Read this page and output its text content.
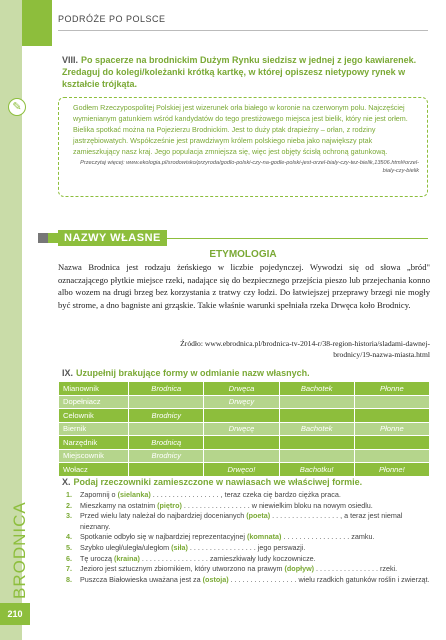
PODRÓŻE PO POLSCE
VIII. Po spacerze na brodnickim Dużym Rynku siedzisz w jednej z jego kawiarenek. Zredaguj do kolegi/koleżanki krótką kartkę, w której opiszesz nietypowy rynek w kształcie trójkąta.
✎	Godłem Rzeczypospolitej Polskiej jest wizerunek orła białego w koronie na czerwonym polu. Najczęściej wymienianym gatunkiem wśród kandydatów do tego prestiżowego miejsca jest bielik, który nie jest orłem. Bielika spotkać można na Pojezierzu Brodnickim. Jest to duży ptak drapieżny – orłan, z rodziny jastrzębiowatych. Współcześnie jest prawdziwym królem polskiego nieba jako największy ptak zamieszkujący nasz kraj. Jego populacja zmniejsza się, więc jest objęty ścisłą ochroną gatunkową.

Przeczytaj więcej: www.ekologia.pl/srodowisko/przyroda/godlo-polski-czy-na-godle-polski-jest-orzel-bialy-czy-tez-bielik,13506.html#orzel-bialy-czy-bielik

NAZWY WŁASNE
ETYMOLOGIA

Nazwa Brodnica jest rodzaju żeńskiego w liczbie pojedynczej. Wywodzi się od słowa „bród" oznaczającego płytkie miejsce rzeki, nadające się do bezpiecznego przejścia pieszo lub przejechania konno albo wozem na drugi brzeg bez korzystania z tratwy czy łodzi. Do łatwiejszej przeprawy brzegi nie mogły być strome, a dno bagniste ani grząskie. Takie właśnie warunki spełniała rzeka Drwęca koło Brodnicy.

Źródło: www.ebrodnica.pl/brodnica-tv-2014-r/38-region-historia/sladami-dawnej-brodnicy/19-nazwa-miasta.html

IX. Uzupełnij brakujące formy w odmianie nazw własnych.
Mianownik	Brodnica	Drwęca	Bachotek	Płonne
Dopełniacz		Drwęcy		
Celownik	Brodnicy			
Biernik		Drwęcę	Bachotek	Płonne
Narzędnik	Brodnicą			
Miejscownik	Brodnicy			
Wołacz		Drwęco!	Bachotku!	Płonne!
X. Podaj rzeczowniki zamieszczone w nawiasach we właściwej formie.
1. Zapomnij o (sielanka) . . . . . . . . . . . . . . . . . , teraz czeka cię bardzo ciężka praca.
2. Mieszkamy na ostatnim (piętro) . . . . . . . . . . . . . . . . . w niewielkim bloku na nowym osiedlu.
3. Przed wielu laty należał do najbardziej docenianych (poeta) . . . . . . . . . . . . . . . . . , a teraz jest niemal nieznany.
4. Spotkanie odbyło się w najbardziej reprezentacyjnej (komnata) . . . . . . . . . . . . . . . . . zamku.
5. Szybko uległ/uległa/uległom (siła) . . . . . . . . . . . . . . . . . jego perswazji.
6. Tę uroczą (kraina) . . . . . . . . . . . . . . . . . zamieszkiwały ludy koczownicze.
7. Jezioro jest sztucznym zbiornikiem, który utworzono na prawym (dopływ) . . . . . . . . . . . . . . . . rzeki.
8. Puszcza Białowieska uważana jest za (ostoja) . . . . . . . . . . . . . . . . . wielu rzadkich gatunków roślin i zwierząt.
BRODNICA
210
